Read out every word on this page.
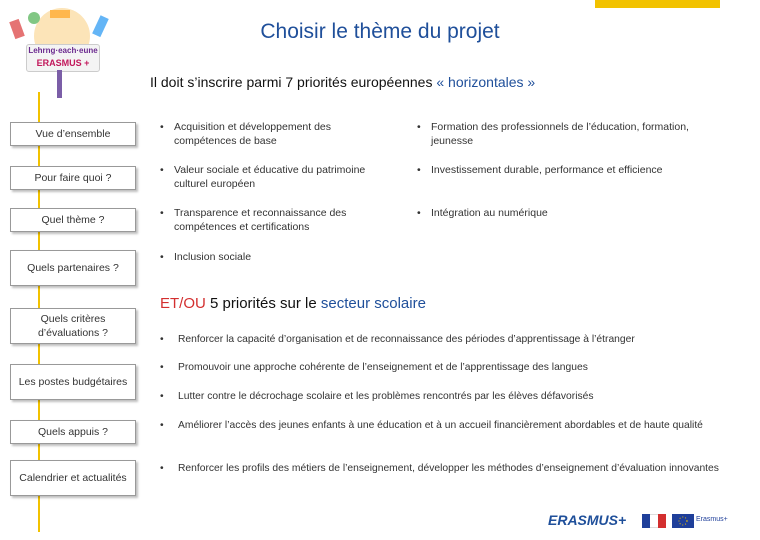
Lehrng·each·eune
ERASMUS +
Choisir le thème du projet
Il doit s’inscrire parmi 7 priorités européennes « horizontales »
Vue d’ensemble
Pour faire quoi ?
Quel thème ?
Quels partenaires ?
Quels critères d’évaluations ?
Les postes budgétaires
Quels appuis ?
Calendrier et actualités
• Acquisition et développement des compétences de base
• Formation des professionnels de l’éducation, formation, jeunesse
• Valeur sociale et éducative du patrimoine culturel européen
• Investissement durable, performance et efficience
• Transparence et reconnaissance des compétences et certifications
• Intégration au numérique
• Inclusion sociale
ET/OU 5 priorités sur le secteur scolaire
• Renforcer la capacité d’organisation et de reconnaissance des périodes d’apprentissage à l’étranger
• Promouvoir une approche cohérente de l’enseignement et de l’apprentissage des langues
• Lutter contre le décrochage scolaire et les problèmes rencontrés par les élèves défavorisés
• Améliorer l’accès des jeunes enfants à une éducation et à un accueil financièrement abordables et de haute qualité
• Renforcer les profils des métiers de l’enseignement, développer les méthodes d’enseignement d’évaluation innovantes
ERASMUS+	Erasmus+
